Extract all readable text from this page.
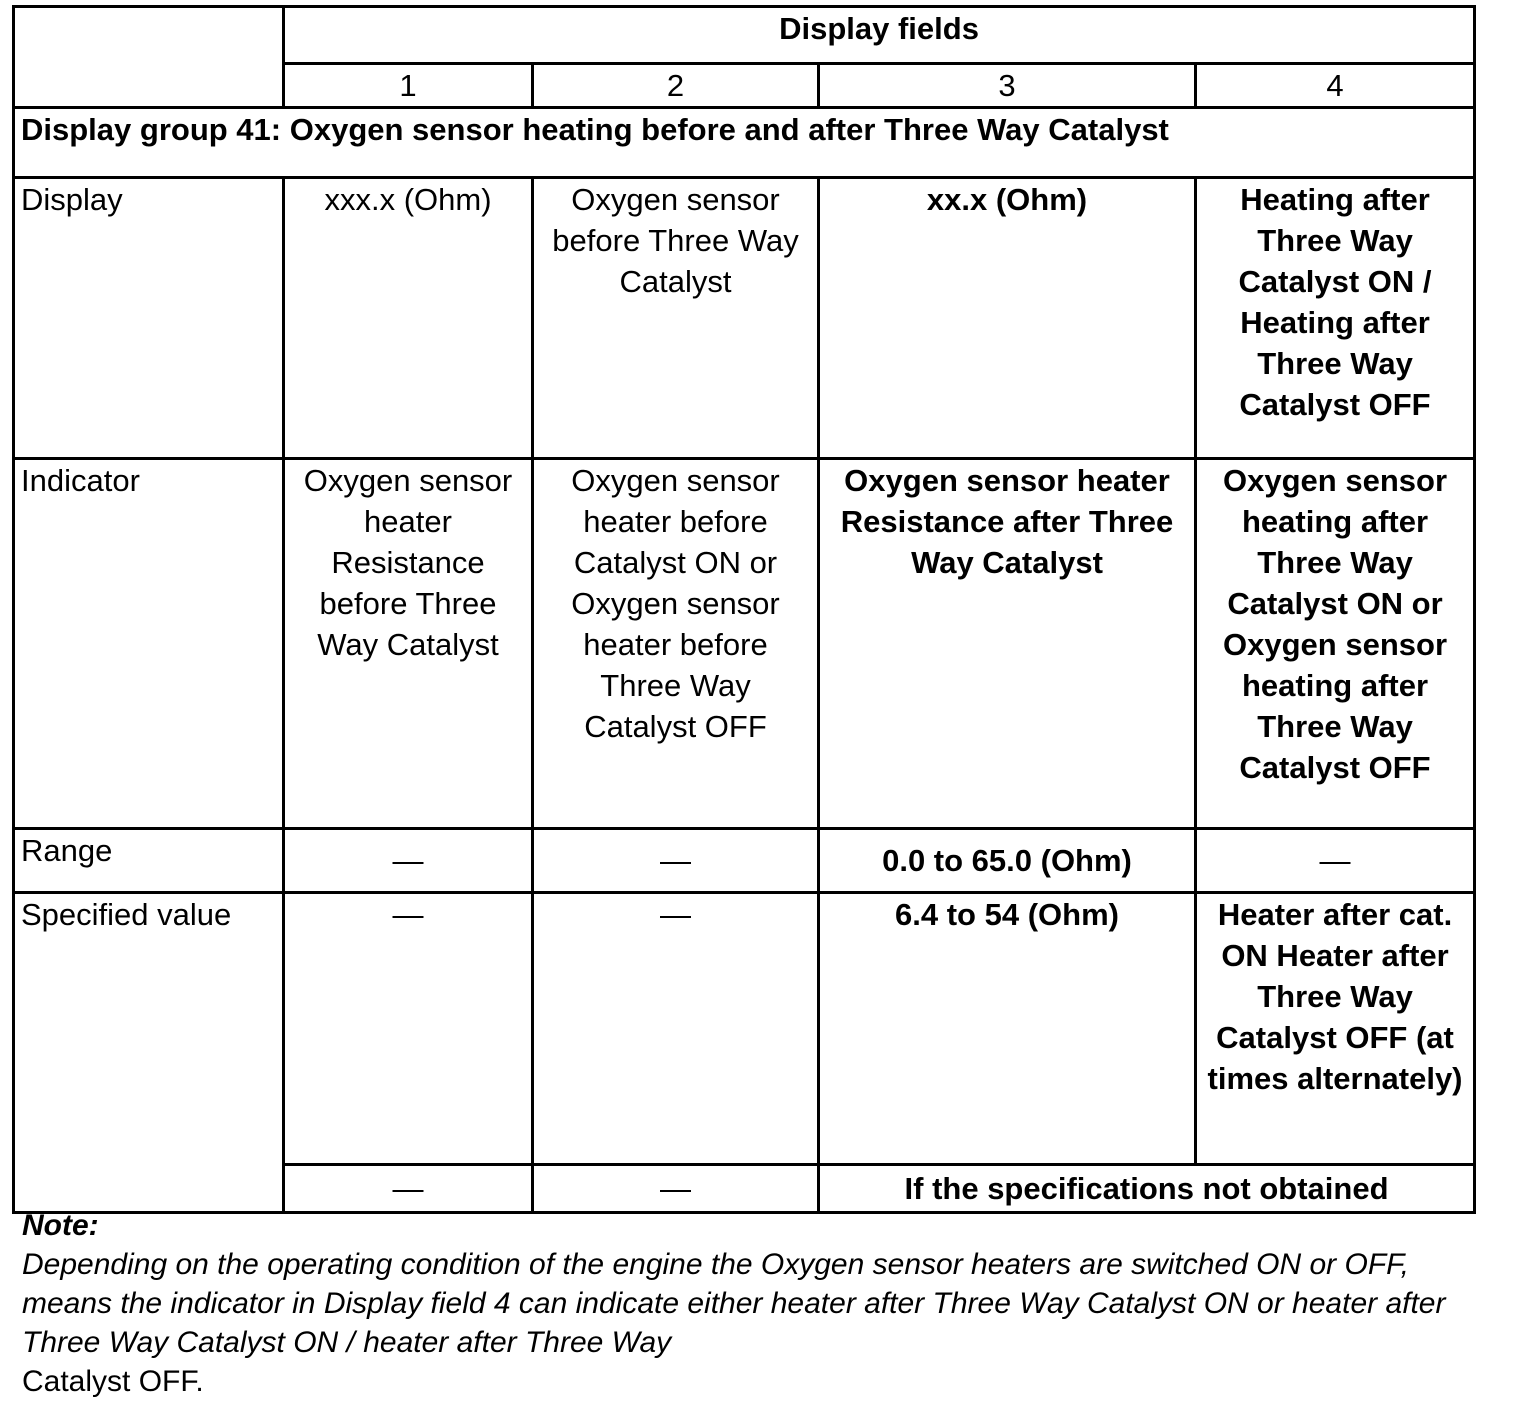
	Display fields			
	1	2	3	4
Display group 41: Oxygen sensor heating before and after Three Way Catalyst				
Display	xxx.x (Ohm)	Oxygen sensor before Three Way Catalyst	xx.x (Ohm)	Heating after Three Way Catalyst ON / Heating after Three Way Catalyst OFF
Indicator	Oxygen sensor heater Resistance before Three Way Catalyst	Oxygen sensor heater before Catalyst ON or Oxygen sensor heater before Three Way Catalyst OFF	Oxygen sensor heater Resistance after Three Way Catalyst	Oxygen sensor heating after Three Way Catalyst ON or Oxygen sensor heating after Three Way Catalyst OFF
Range	—	—	0.0 to 65.0 (Ohm)	—
Specified value	—	—	6.4 to 54 (Ohm)	Heater after cat. ON Heater after Three Way Catalyst OFF (at times alternately)
	—	—	If the specifications not obtained	
Note:
Depending on the operating condition of the engine the Oxygen sensor heaters are switched ON or OFF, means the indicator in Display field 4 can indicate either heater after Three Way Catalyst ON or heater after Three Way Catalyst ON / heater after Three Way
Catalyst OFF.
